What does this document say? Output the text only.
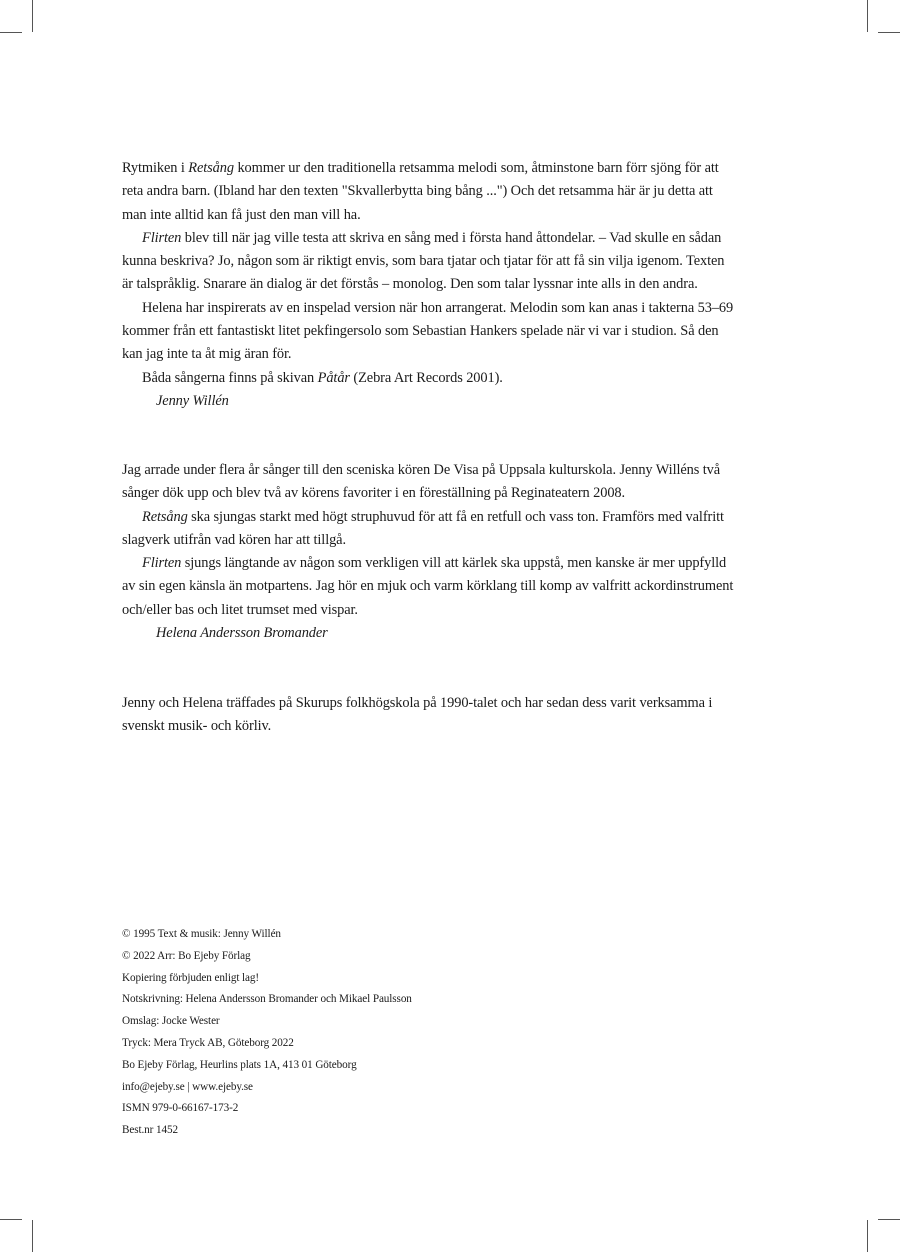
Rytmiken i Retsång kommer ur den traditionella retsamma melodi som, åtminstone barn förr sjöng för att reta andra barn. (Ibland har den texten "Skvallerbytta bing bång ...") Och det retsamma här är ju detta att man inte alltid kan få just den man vill ha.

Flirten blev till när jag ville testa att skriva en sång med i första hand åttondelar. – Vad skulle en sådan kunna beskriva? Jo, någon som är riktigt envis, som bara tjatar och tjatar för att få sin vilja igenom. Texten är talspråklig. Snarare än dialog är det förstås – monolog. Den som talar lyssnar inte alls in den andra.

Helena har inspirerats av en inspelad version när hon arrangerat. Melodin som kan anas i takterna 53–69 kommer från ett fantastiskt litet pekfingersolo som Sebastian Hankers spelade när vi var i studion. Så den kan jag inte ta åt mig äran för.

Båda sångerna finns på skivan Påtår (Zebra Art Records 2001).

Jenny Willén

Jag arrade under flera år sånger till den sceniska kören De Visa på Uppsala kulturskola. Jenny Willéns två sånger dök upp och blev två av körens favoriter i en föreställning på Reginateatern 2008.

Retsång ska sjungas starkt med högt struphuvud för att få en retfull och vass ton. Framförs med valfritt slagverk utifrån vad kören har att tillgå.

Flirten sjungs längtande av någon som verkligen vill att kärlek ska uppstå, men kanske är mer uppfylld av sin egen känsla än motpartens. Jag hör en mjuk och varm körklang till komp av valfritt ackordinstrument och/eller bas och litet trumset med vispar.

Helena Andersson Bromander

Jenny och Helena träffades på Skurups folkhögskola på 1990-talet och har sedan dess varit verksamma i svenskt musik- och körliv.

© 1995 Text & musik: Jenny Willén
© 2022 Arr: Bo Ejeby Förlag
Kopiering förbjuden enligt lag!
Notskrivning: Helena Andersson Bromander och Mikael Paulsson
Omslag: Jocke Wester
Tryck: Mera Tryck AB, Göteborg 2022
Bo Ejeby Förlag, Heurlins plats 1A, 413 01 Göteborg
info@ejeby.se | www.ejeby.se
ISMN 979-0-66167-173-2
Best.nr 1452
